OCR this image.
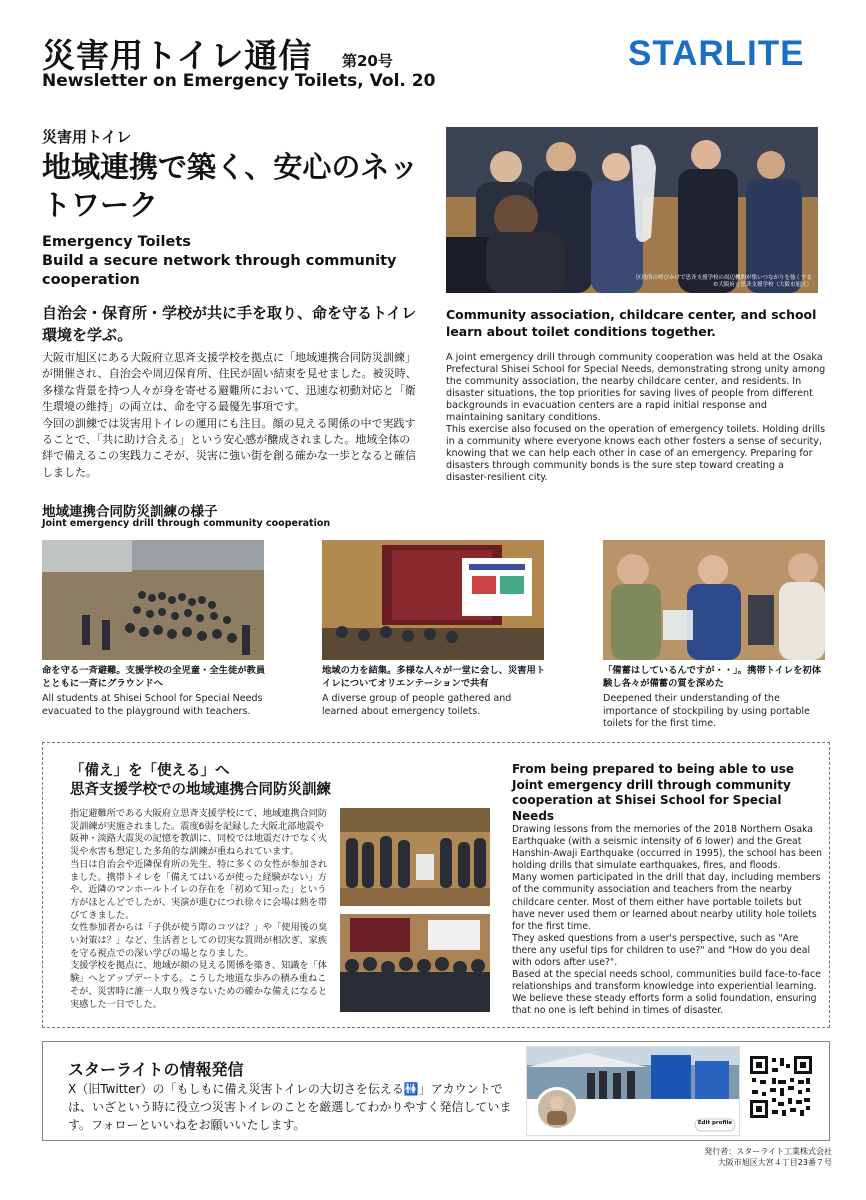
災害用トイレ通信 第20号
Newsletter on Emergency Toilets, Vol. 20
STARLITE
災害用トイレ
地域連携で築く、安心のネットワーク
Emergency Toilets
Build a secure network through community cooperation
自治会・保育所・学校が共に手を取り、命を守るトイレ環境を学ぶ。
大阪市旭区にある大阪府立思斉支援学校を拠点に「地域連携合同防災訓練」が開催され、自治会や周辺保育所、住民が固い結束を見せました。被災時、多様な背景を持つ人々が身を寄せる避難所において、迅速な初動対応と「衛生環境の維持」の両立は、命を守る最優先事項です。
今回の訓練では災害用トイレの運用にも注目。顔の見える関係の中で実践することで、「共に助け合える」という安心感が醸成されました。地域全体の絆で備えるこの実践力こそが、災害に強い街を創る確かな一歩となると確信しました。
区役所の呼びかけで思斉支援学校の周辺機関が集いつながりを強くする
©大阪府立思斉支援学校（大阪市旭区）
Community association, childcare center, and school learn about toilet conditions together.
A joint emergency drill through community cooperation was held at the Osaka Prefectural Shisei School for Special Needs, demonstrating strong unity among the community association, the nearby childcare center, and residents. In disaster situations, the top priorities for saving lives of people from different backgrounds in evacuation centers are a rapid initial response and maintaining sanitary conditions.
This exercise also focused on the operation of emergency toilets. Holding drills in a community where everyone knows each other fosters a sense of security, knowing that we can help each other in case of an emergency. Preparing for disasters through community bonds is the sure step toward creating a disaster-resilient city.
地域連携合同防災訓練の様子
Joint emergency drill through community cooperation
命を守る一斉避難。支援学校の全児童・全生徒が教員とともに一斉にグラウンドへ
All students at Shisei School for Special Needs evacuated to the playground with teachers.
地域の力を結集。多様な人々が一堂に会し、災害用トイレについてオリエンテーションで共有
A diverse group of people gathered and learned about emergency toilets.
「備蓄はしているんですが・・」。携帯トイレを初体験し各々が備蓄の質を深めた
Deepened their understanding of the importance of stockpiling by using portable toilets for the first time.
「備え」を「使える」へ
思斉支援学校での地域連携合同防災訓練
指定避難所である大阪府立思斉支援学校にて、地域連携合同防災訓練が実施されました。震度6弱を記録した大阪北部地震や阪神・淡路大震災の記憶を教訓に、同校では地震だけでなく火災や水害も想定した多角的な訓練が重ねられています。
当日は自治会や近隣保育所の先生、特に多くの女性が参加されました。携帯トイレを「備えてはいるが使った経験がない」方や、近隣のマンホールトイレの存在を「初めて知った」という方がほとんどでしたが、実演が進むにつれ徐々に会場は熱を帯びてきました。
女性参加者からは「子供が使う際のコツは？」や「使用後の臭い対策は？」など、生活者としての切実な質問が相次ぎ、家族を守る視点での深い学びの場となりました。
支援学校を拠点に、地域が顔の見える関係を築き、知識を「体験」へとアップデートする。こうした地道な歩みの積み重ねこそが、災害時に誰一人取り残さないための確かな備えになると実感した一日でした。
From being prepared to being able to use
Joint emergency drill through community cooperation at Shisei School for Special Needs
Drawing lessons from the memories of the 2018 Northern Osaka Earthquake (with a seismic intensity of 6 lower) and the Great Hanshin-Awaji Earthquake (occurred in 1995), the school has been holding drills that simulate earthquakes, fires, and floods.
Many women participated in the drill that day, including members of the community association and teachers from the nearby childcare center. Most of them either have portable toilets but have never used them or learned about nearby utility hole toilets for the first time.
They asked questions from a user's perspective, such as "Are there any useful tips for children to use?" and "How do you deal with odors after use?".
Based at the special needs school, communities build face-to-face relationships and transform knowledge into experiential learning. We believe these steady efforts form a solid foundation, ensuring that no one is left behind in times of disaster.
スターライトの情報発信
X（旧Twitter）の「もしもに備え災害トイレの大切さを伝える🚻」アカウントでは、いざという時に役立つ災害トイレのことを厳選してわかりやすく発信しています。フォローといいねをお願いいたします。	Edit profile
発行者：スターライト工業株式会社
大阪市旭区大宮４丁目23番７号
